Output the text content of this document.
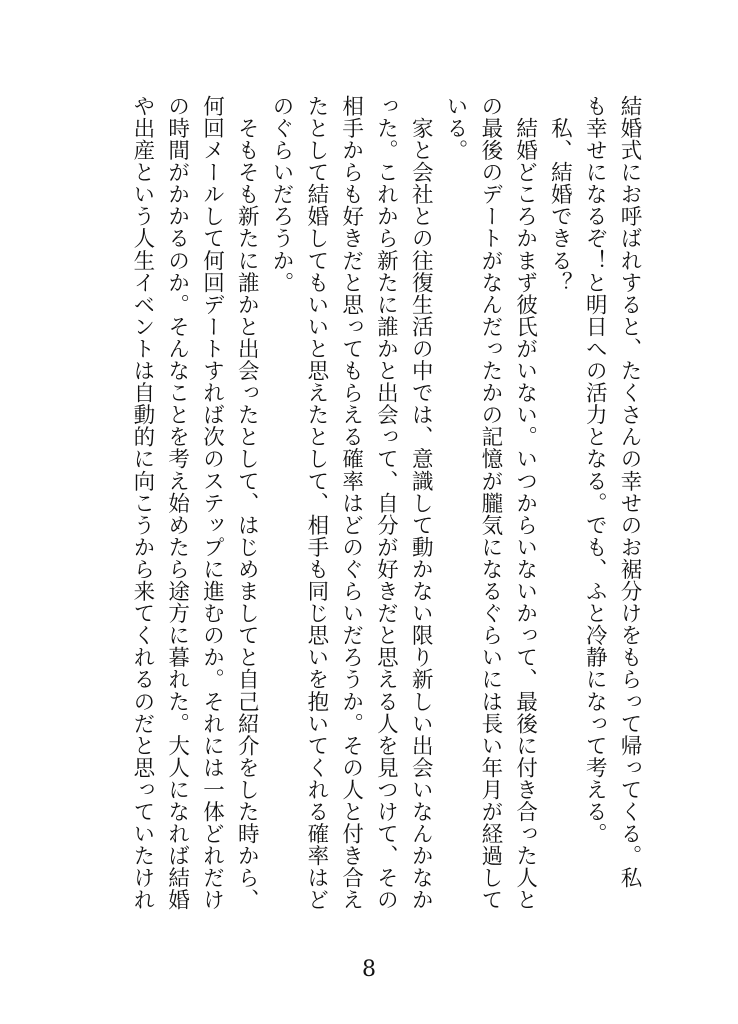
結婚式にお呼ばれすると、たくさんの幸せのお裾分けをもらって帰ってくる。私
も幸せになるぞ！と明日への活力となる。でも、ふと冷静になって考える。
　私、結婚できる？
　結婚どころかまず彼氏がいない。いつからいないかって、最後に付き合った人と
の最後のデートがなんだったかの記憶が朧気になるぐらいには長い年月が経過して
いる。
　家と会社との往復生活の中では、意識して動かない限り新しい出会いなんかなか
った。これから新たに誰かと出会って、自分が好きだと思える人を見つけて、その
相手からも好きだと思ってもらえる確率はどのぐらいだろうか。その人と付き合え
たとして結婚してもいいと思えたとして、相手も同じ思いを抱いてくれる確率はど
のぐらいだろうか。
　そもそも新たに誰かと出会ったとして、はじめましてと自己紹介をした時から、
何回メールして何回デートすれば次のステップに進むのか。それには一体どれだけ
の時間がかかるのか。そんなことを考え始めたら途方に暮れた。大人になれば結婚
や出産という人生イベントは自動的に向こうから来てくれるのだと思っていたけれ
8
